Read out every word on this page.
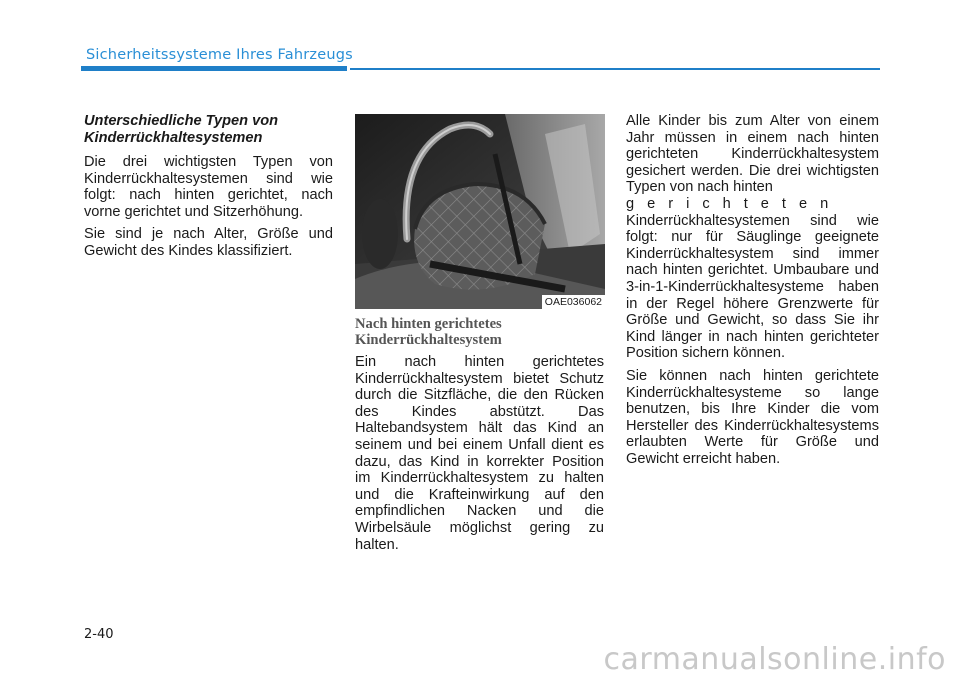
Sicherheitssysteme Ihres Fahrzeugs
Unterschiedliche Typen von
Kinderrückhaltesystemen

Die drei wichtigsten Typen von Kinderrückhaltesystemen sind wie folgt: nach hinten gerichtet, nach vorne gerichtet und Sitzerhöhung.

Sie sind je nach Alter, Größe und Gewicht des Kindes klassifiziert.

OAE036062
Nach hinten gerichtetes
Kinderrückhaltesystem

Ein nach hinten gerichtetes Kinderrückhaltesystem bietet Schutz durch die Sitzfläche, die den Rücken des Kindes abstützt. Das Haltebandsystem hält das Kind an seinem und bei einem Unfall dient es dazu, das Kind in korrekter Position im Kinderrückhaltesystem zu halten und die Krafteinwirkung auf den empfindlichen Nacken und die Wirbelsäule möglichst gering zu halten.

Alle Kinder bis zum Alter von einem Jahr müssen in einem nach hinten gerichteten Kinderrückhaltesystem gesichert werden. Die drei wichtigsten Typen von nach hinten
gerichteten
Kinderrückhaltesystemen sind wie folgt: nur für Säuglinge geeignete Kinderrückhaltesystem sind immer nach hinten gerichtet. Umbaubare und 3-in-1-Kinderrückhaltesysteme haben in der Regel höhere Grenzwerte für Größe und Gewicht, so dass Sie ihr Kind länger in nach hinten gerichteter Position sichern können.

Sie können nach hinten gerichtete Kinderrückhaltesysteme so lange benutzen, bis Ihre Kinder die vom Hersteller des Kinderrückhaltesystems erlaubten Werte für Größe und Gewicht erreicht haben.

2-40
carmanualsonline.info
